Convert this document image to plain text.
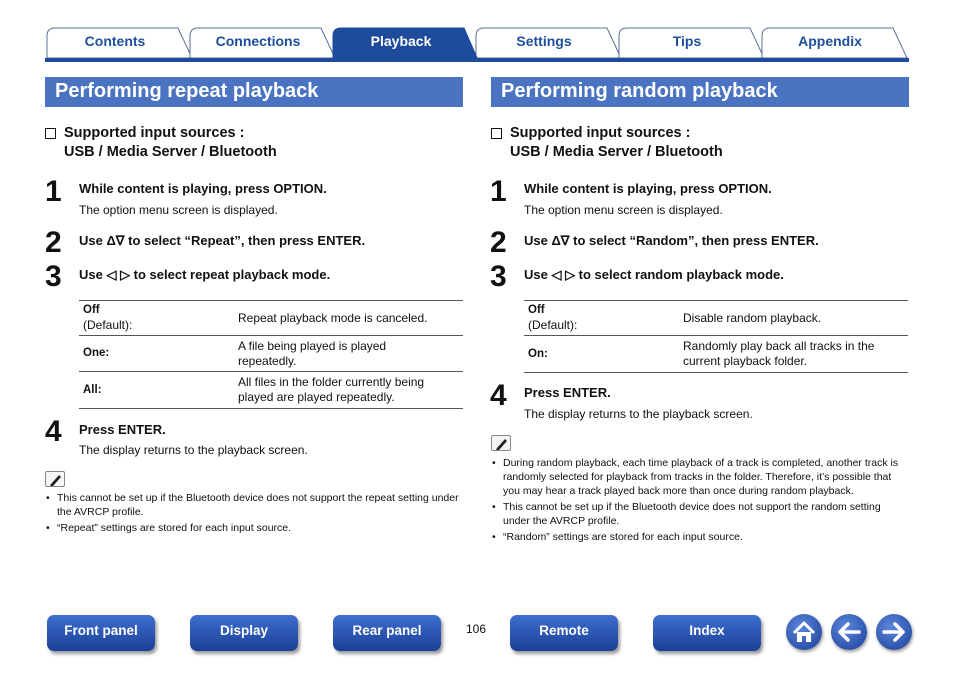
Contents	Connections	Playback	Settings	Tips	Appendix
Performing repeat playback
Supported input sources :
USB / Media Server / Bluetooth
1 While content is playing, press OPTION.
The option menu screen is displayed.
2 Use Δ∇ to select “Repeat”, then press ENTER.
3 Use ◁ ▷ to select repeat playback mode.
Off
(Default):	Repeat playback mode is canceled.

One:	A file being played is played
repeatedly.

All:	All files in the folder currently being
played are played repeatedly.
4 Press ENTER.
The display returns to the playback screen.
• This cannot be set up if the Bluetooth device does not support the repeat setting under the AVRCP profile.
• “Repeat” settings are stored for each input source.
Performing random playback
Supported input sources :
USB / Media Server / Bluetooth
1 While content is playing, press OPTION.
The option menu screen is displayed.
2 Use Δ∇ to select “Random”, then press ENTER.
3 Use ◁ ▷ to select random playback mode.
Off
(Default):	Disable random playback.

On:	Randomly play back all tracks in the
current playback folder.
4 Press ENTER.
The display returns to the playback screen.
• During random playback, each time playback of a track is completed, another track is randomly selected for playback from tracks in the folder. Therefore, it’s possible that you may hear a track played back more than once during random playback.
• This cannot be set up if the Bluetooth device does not support the random setting under the AVRCP profile.
• “Random” settings are stored for each input source.
Front panel	Display	Rear panel	106	Remote	Index
